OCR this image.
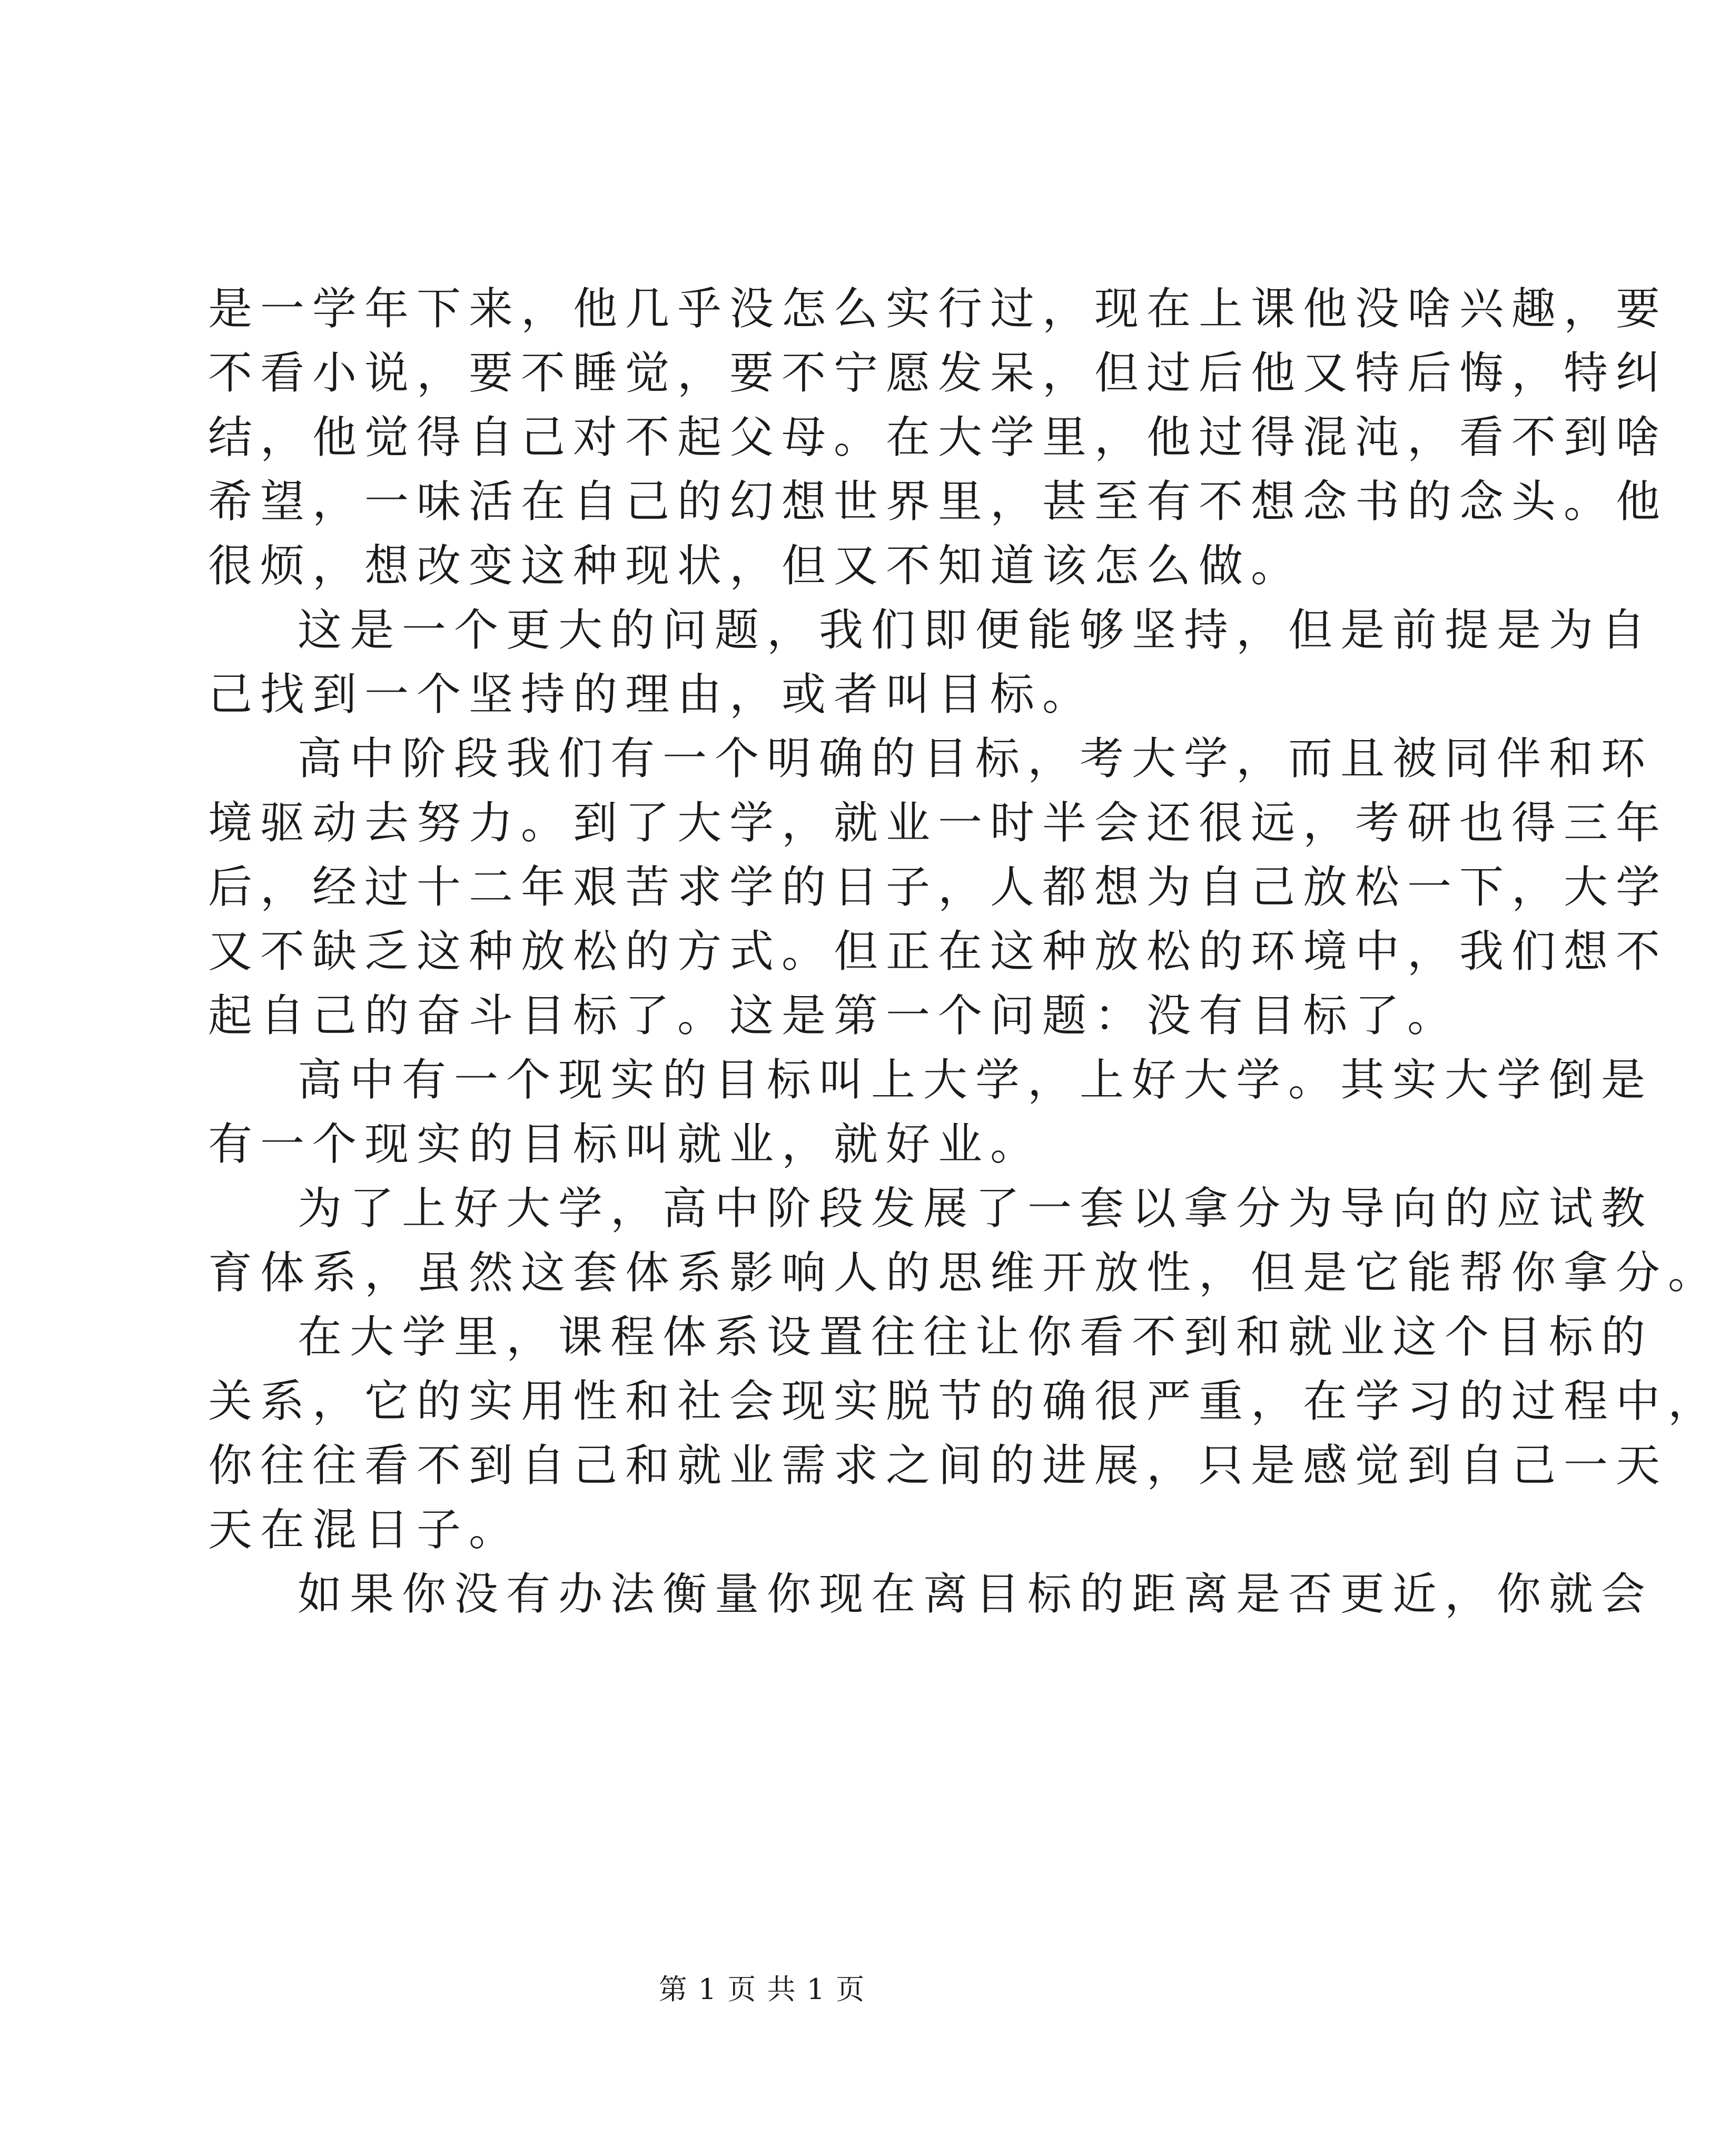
是一学年下来，他几乎没怎么实行过，现在上课他没啥兴趣，要
不看小说，要不睡觉，要不宁愿发呆，但过后他又特后悔，特纠
结，他觉得自己对不起父母。在大学里，他过得混沌，看不到啥
希望，一味活在自己的幻想世界里，甚至有不想念书的念头。他
很烦，想改变这种现状，但又不知道该怎么做。
这是一个更大的问题，我们即便能够坚持，但是前提是为自
己找到一个坚持的理由，或者叫目标。
高中阶段我们有一个明确的目标，考大学，而且被同伴和环
境驱动去努力。到了大学，就业一时半会还很远，考研也得三年
后，经过十二年艰苦求学的日子，人都想为自己放松一下，大学
又不缺乏这种放松的方式。但正在这种放松的环境中，我们想不
起自己的奋斗目标了。这是第一个问题：没有目标了。
高中有一个现实的目标叫上大学，上好大学。其实大学倒是
有一个现实的目标叫就业，就好业。
为了上好大学，高中阶段发展了一套以拿分为导向的应试教
育体系，虽然这套体系影响人的思维开放性，但是它能帮你拿分。
在大学里，课程体系设置往往让你看不到和就业这个目标的
关系，它的实用性和社会现实脱节的确很严重，在学习的过程中，
你往往看不到自己和就业需求之间的进展，只是感觉到自己一天
天在混日子。
如果你没有办法衡量你现在离目标的距离是否更近，你就会
第 1 页 共 1 页
